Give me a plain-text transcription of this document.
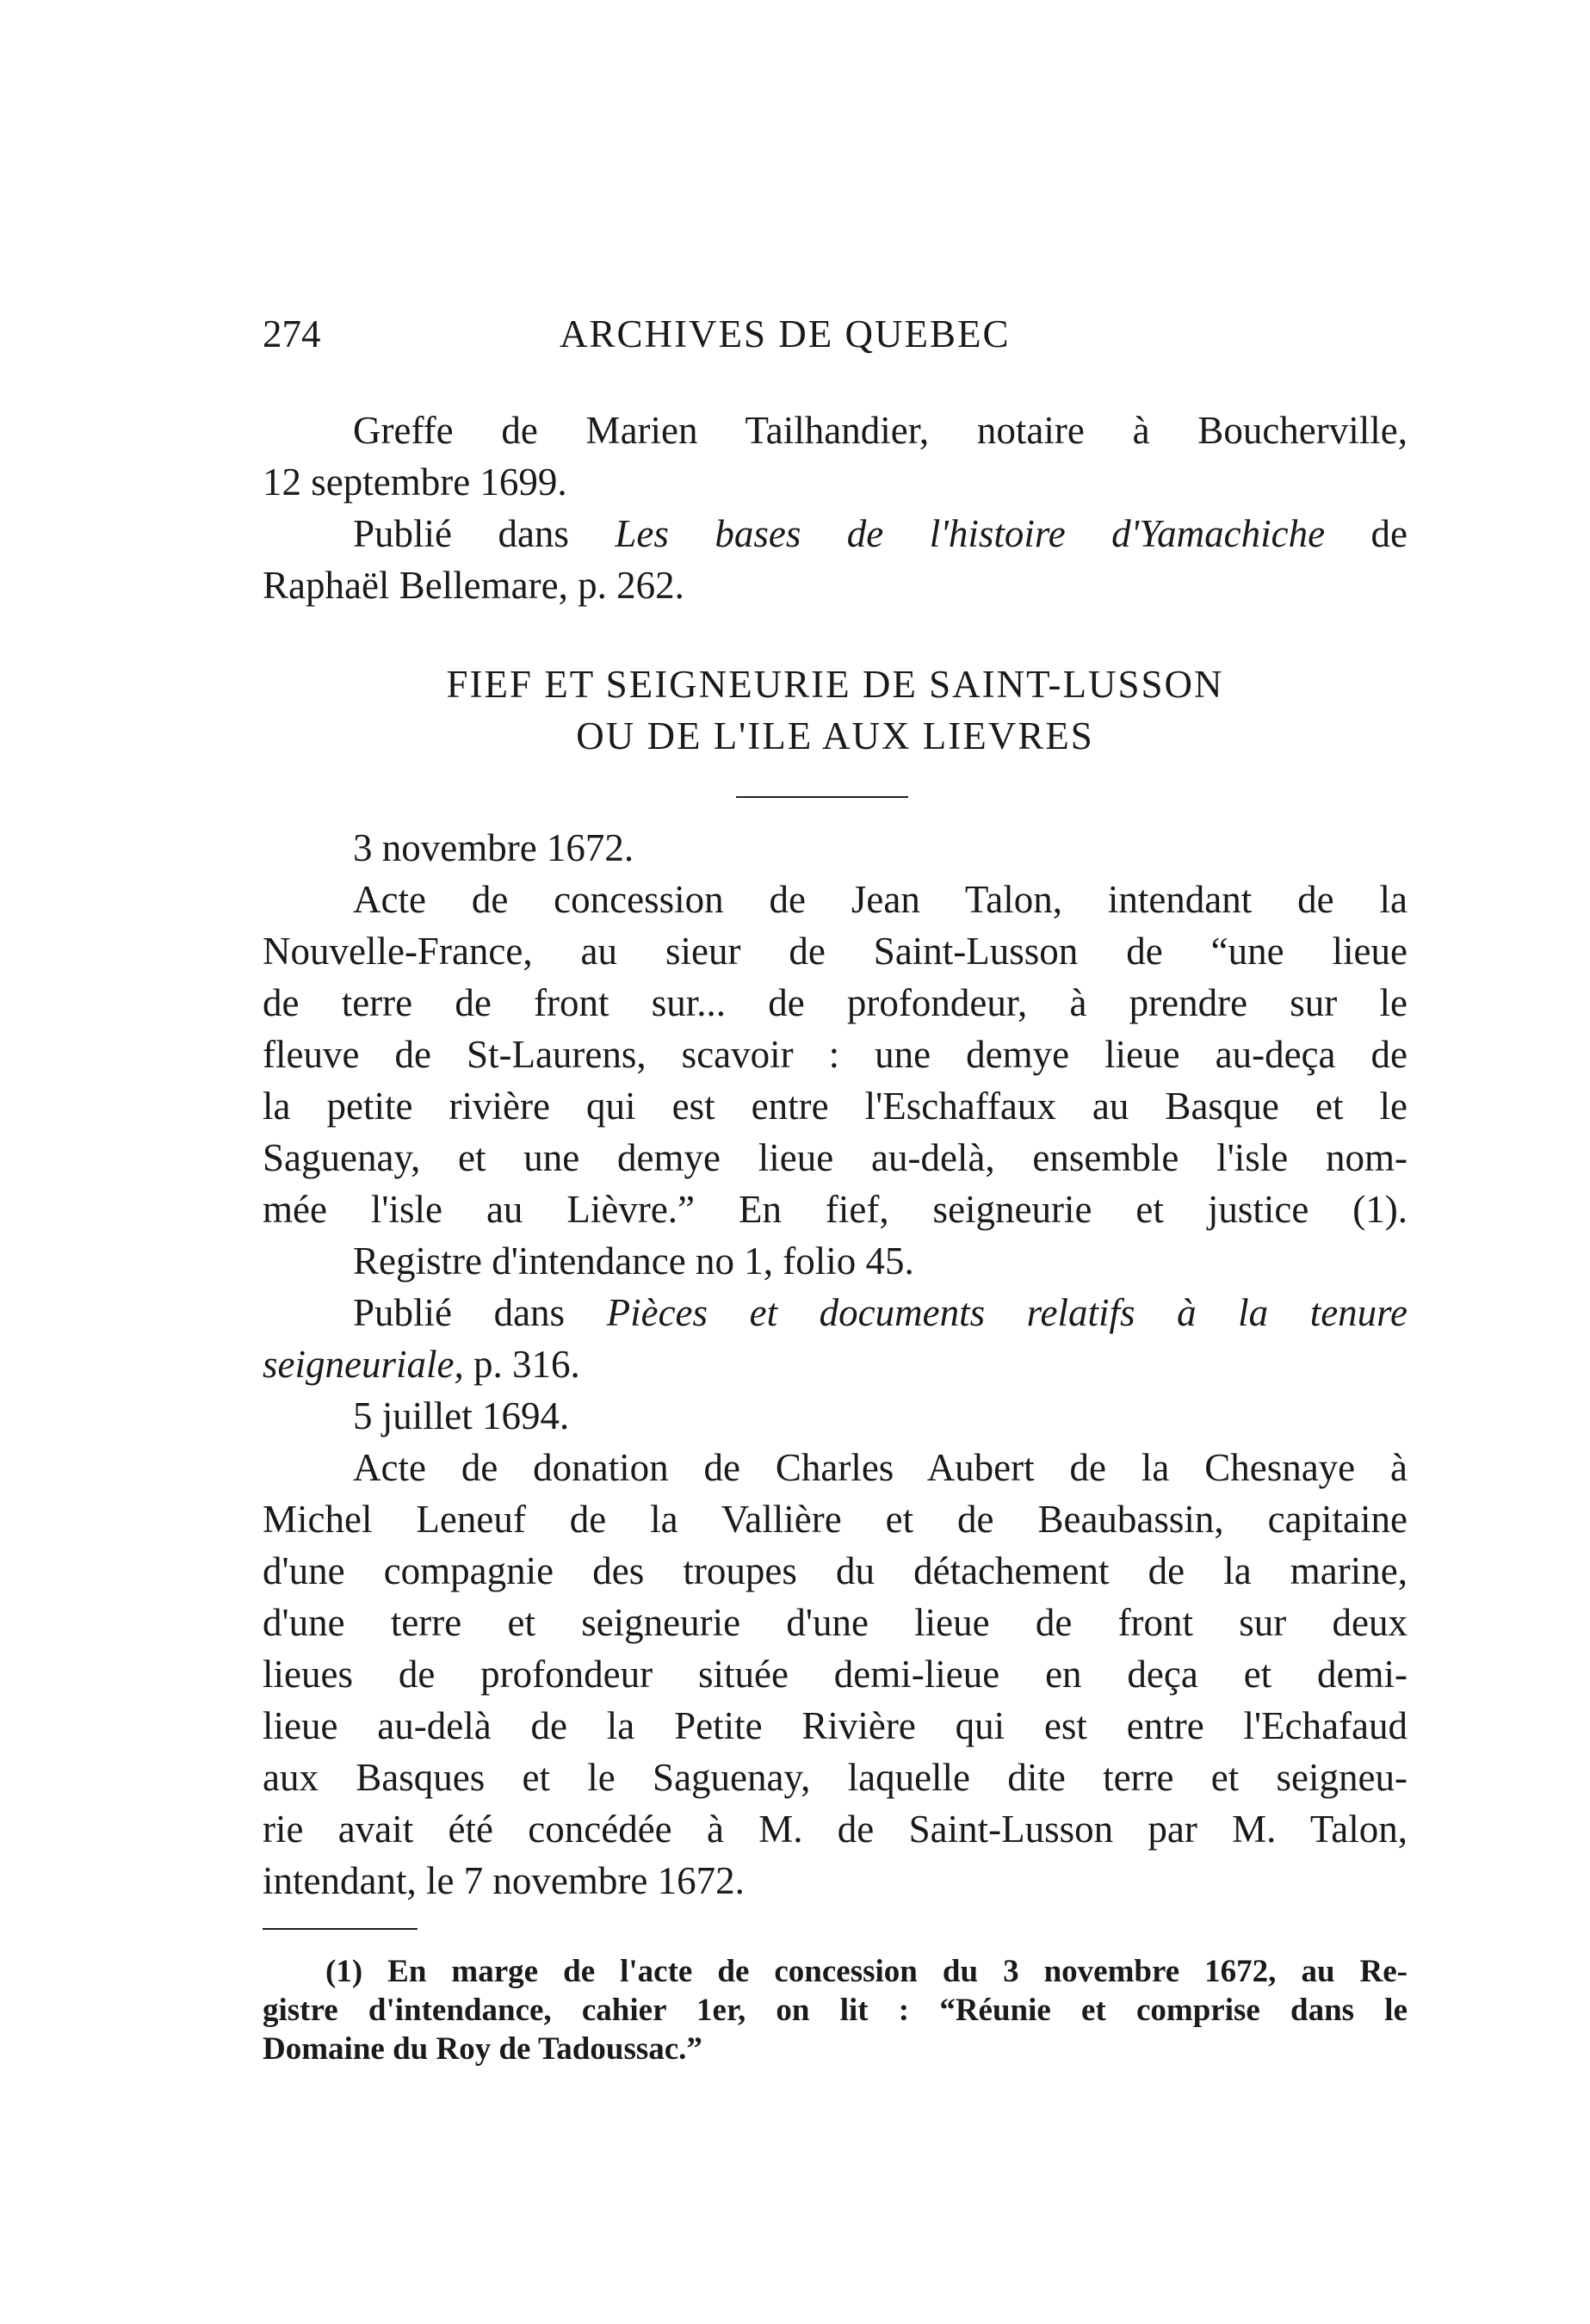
274	ARCHIVES DE QUEBEC
Greffe de Marien Tailhandier, notaire à Boucherville,
12 septembre 1699.
Publié dans Les bases de l'histoire d'Yamachiche de
Raphaël Bellemare, p. 262.
FIEF ET SEIGNEURIE DE SAINT-LUSSON
OU DE L'ILE AUX LIEVRES
3 novembre 1672.
Acte de concession de Jean Talon, intendant de la
Nouvelle-France, au sieur de Saint-Lusson de “une lieue
de terre de front sur... de profondeur, à prendre sur le
fleuve de St-Laurens, scavoir : une demye lieue au-deça de
la petite rivière qui est entre l'Eschaffaux au Basque et le
Saguenay, et une demye lieue au-delà, ensemble l'isle nom-
mée l'isle au Lièvre.” En fief, seigneurie et justice (1).
Registre d'intendance no 1, folio 45.
Publié dans Pièces et documents relatifs à la tenure
seigneuriale, p. 316.
5 juillet 1694.
Acte de donation de Charles Aubert de la Chesnaye à
Michel Leneuf de la Vallière et de Beaubassin, capitaine
d'une compagnie des troupes du détachement de la marine,
d'une terre et seigneurie d'une lieue de front sur deux
lieues de profondeur située demi-lieue en deça et demi-
lieue au-delà de la Petite Rivière qui est entre l'Echafaud
aux Basques et le Saguenay, laquelle dite terre et seigneu-
rie avait été concédée à M. de Saint-Lusson par M. Talon,
intendant, le 7 novembre 1672.
(1) En marge de l'acte de concession du 3 novembre 1672, au Re-
gistre d'intendance, cahier 1er, on lit : “Réunie et comprise dans le
Domaine du Roy de Tadoussac.”
